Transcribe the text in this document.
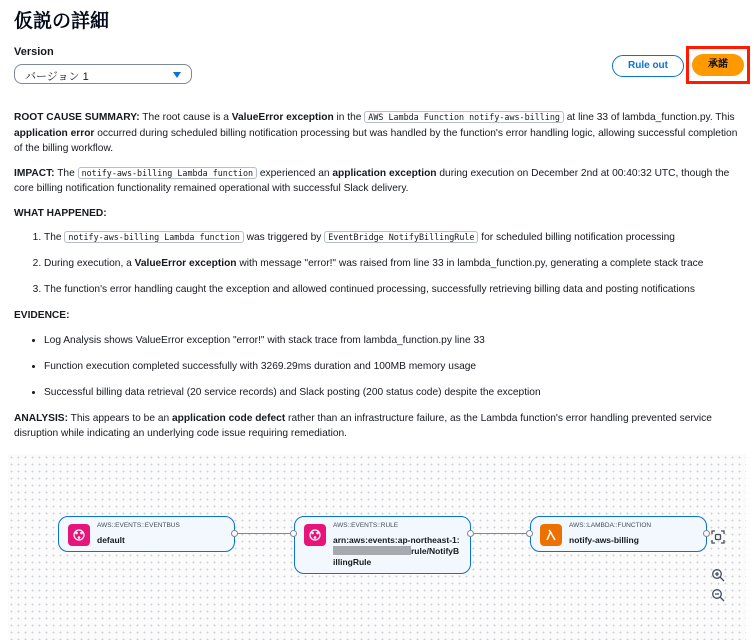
仮説の詳細
Version
バージョン 1
Rule out	承諾

ROOT CAUSE SUMMARY: The root cause is a ValueError exception in the AWS Lambda Function notify-aws-billing at line 33 of lambda_function.py. This application error occurred during scheduled billing notification processing but was handled by the function's error handling logic, allowing successful completion of the billing workflow.

IMPACT: The notify-aws-billing Lambda function experienced an application exception during execution on December 2nd at 00:40:32 UTC, though the core billing notification functionality remained operational with successful Slack delivery.

WHAT HAPPENED:

1. The notify-aws-billing Lambda function was triggered by EventBridge NotifyBillingRule for scheduled billing notification processing
2. During execution, a ValueError exception with message "error!" was raised from line 33 in lambda_function.py, generating a complete stack trace
3. The function's error handling caught the exception and allowed continued processing, successfully retrieving billing data and posting notifications

EVIDENCE:

• Log Analysis shows ValueError exception "error!" with stack trace from lambda_function.py line 33
• Function execution completed successfully with 3269.29ms duration and 100MB memory usage
• Successful billing data retrieval (20 service records) and Slack posting (200 status code) despite the exception

ANALYSIS: This appears to be an application code defect rather than an infrastructure failure, as the Lambda function's error handling prevented service disruption while indicating an underlying code issue requiring remediation.

AWS::EVENTS::EVENTBUS
default
AWS::EVENTS::RULE
arn:aws:events:ap-northeast-1:rule/NotifyBillingRule
AWS::LAMBDA::FUNCTION
notify-aws-billing
